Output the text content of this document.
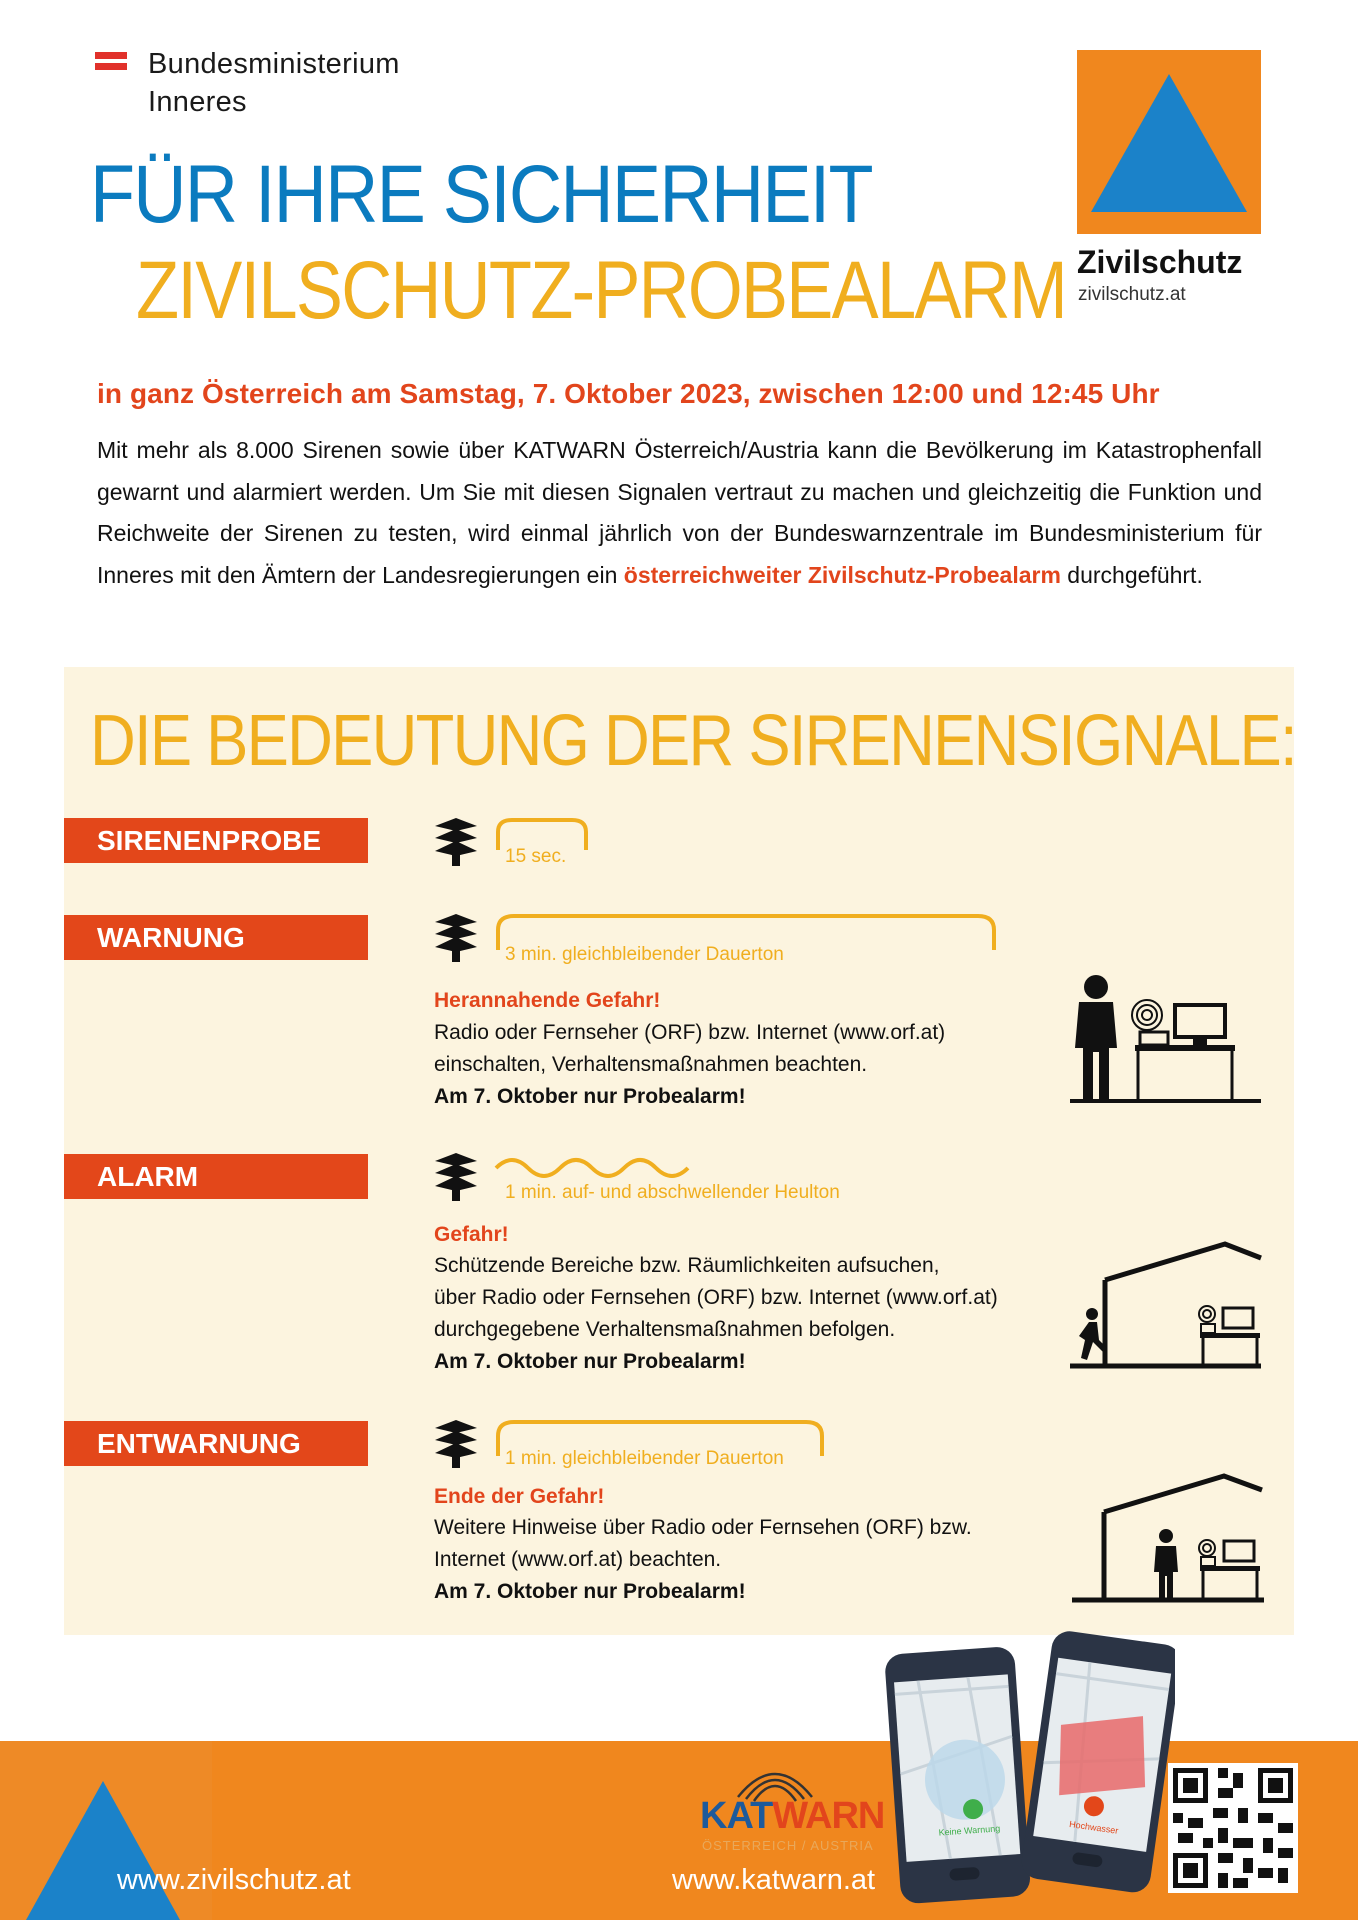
Bundesministerium
Inneres
FÜR IHRE SICHERHEIT
ZIVILSCHUTZ-PROBEALARM Zivilschutz
zivilschutz.at
in ganz Österreich am Samstag, 7. Oktober 2023, zwischen 12:00 und 12:45 Uhr
Mit mehr als 8.000 Sirenen sowie über KATWARN Österreich/Austria kann die Bevölkerung im Katastrophenfall gewarnt und alarmiert werden. Um Sie mit diesen Signalen vertraut zu machen und gleichzeitig die Funktion und Reichweite der Sirenen zu testen, wird einmal jährlich von der Bundeswarnzentrale im Bundesministerium für Inneres mit den Ämtern der Landesregierungen ein österreichweiter Zivilschutz-Probealarm durchgeführt.
DIE BEDEUTUNG DER SIRENENSIGNALE:
SIRENENPROBE
15 sec.
WARNUNG
3 min. gleichbleibender Dauerton
Herannahende Gefahr!
Radio oder Fernseher (ORF) bzw. Internet (www.orf.at)
einschalten, Verhaltensmaßnahmen beachten.
Am 7. Oktober nur Probealarm!
ALARM
1 min. auf- und abschwellender Heulton
Gefahr!
Schützende Bereiche bzw. Räumlichkeiten aufsuchen,
über Radio oder Fernsehen (ORF) bzw. Internet (www.orf.at)
durchgegebene Verhaltensmaßnahmen befolgen.
Am 7. Oktober nur Probealarm!
ENTWARNUNG	1 min. gleichbleibender Dauerton
Ende der Gefahr!
Weitere Hinweise über Radio oder Fernsehen (ORF) bzw.
Internet (www.orf.at) beachten.
Am 7. Oktober nur Probealarm!
www.zivilschutz.at
KATWARN
ÖSTERREICH / AUSTRIA
www.katwarn.at
Keine Warnung	Hochwasser
